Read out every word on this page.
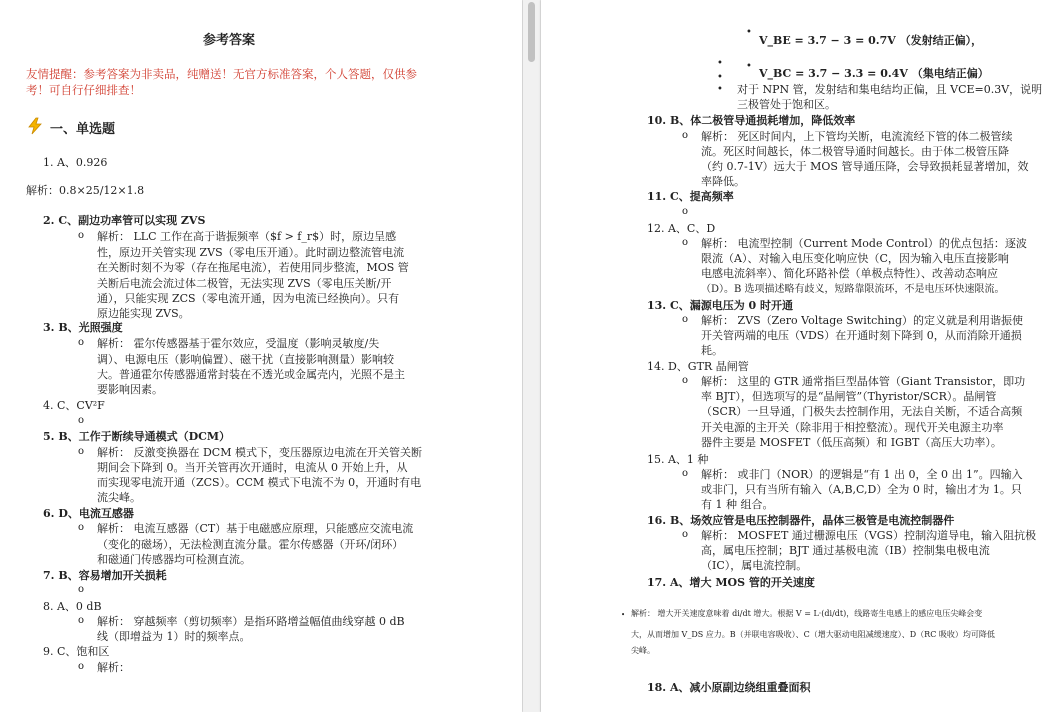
参考答案
友情提醒：参考答案为非卖品，纯赠送！无官方标准答案，个人答题，仅供参
考！可自行仔细排查！
一、单选题
1. A、0.926
解析：0.8×25/12×1.8
2. C、副边功率管可以实现 ZVS
o 解析： LLC 工作在高于谐振频率（$f > f_r$）时，原边呈感
性，原边开关管实现 ZVS（零电压开通）。此时副边整流管电流
在关断时刻不为零（存在拖尾电流），若使用同步整流，MOS 管
关断后电流会流过体二极管，无法实现 ZVS（零电压关断/开
通），只能实现 ZCS（零电流开通，因为电流已经换向）。只有
原边能实现 ZVS。
3. B、光照强度
o 解析： 霍尔传感器基于霍尔效应，受温度（影响灵敏度/失
调）、电源电压（影响偏置）、磁干扰（直接影响测量）影响较
大。普通霍尔传感器通常封装在不透光或金属壳内，光照不是主
要影响因素。
4. C、CV²F
o
5. B、工作于断续导通模式（DCM）
o 解析： 反激变换器在 DCM 模式下，变压器原边电流在开关管关断
期间会下降到 0。当开关管再次开通时，电流从 0 开始上升，从
而实现零电流开通（ZCS）。CCM 模式下电流不为 0，开通时有电
流尖峰。
6. D、电流互感器
o 解析： 电流互感器（CT）基于电磁感应原理，只能感应交流电流
（变化的磁场），无法检测直流分量。霍尔传感器（开环/闭环）
和磁通门传感器均可检测直流。
7. B、容易增加开关损耗
o
8. A、0 dB
o 解析： 穿越频率（剪切频率）是指环路增益幅值曲线穿越 0 dB
线（即增益为 1）时的频率点。
9. C、饱和区
o 解析：
•
V_BE = 3.7 − 3 = 0.7V （发射结正偏），
• •
V_BC = 3.7 − 3.3 = 0.4V （集电结正偏）
•
• 对于 NPN 管，发射结和集电结均正偏，且 VCE=0.3V，说明
三极管处于饱和区。
10. B、体二极管导通损耗增加，降低效率
o 解析： 死区时间内，上下管均关断，电流流经下管的体二极管续
流。死区时间越长，体二极管导通时间越长。由于体二极管压降
（约 0.7-1V）远大于 MOS 管导通压降，会导致损耗显著增加，效
率降低。
11. C、提高频率
o
12. A、C、D
o 解析： 电流型控制（Current Mode Control）的优点包括：逐波
限流（A）、对输入电压变化响应快（C，因为输入电压直接影响
电感电流斜率）、简化环路补偿（单极点特性）、改善动态响应
（D）。B 选项描述略有歧义，短路靠限流环，不是电压环快速限流。
13. C、漏源电压为 0 时开通
o 解析： ZVS（Zero Voltage Switching）的定义就是利用谐振使
开关管两端的电压（VDS）在开通时刻下降到 0，从而消除开通损
耗。
14. D、GTR 晶闸管
o 解析： 这里的 GTR 通常指巨型晶体管（Giant Transistor，即功
率 BJT），但选项写的是“晶闸管”（Thyristor/SCR）。晶闸管
（SCR）一旦导通，门极失去控制作用，无法自关断，不适合高频
开关电源的主开关（除非用于相控整流）。现代开关电源主功率
器件主要是 MOSFET（低压高频）和 IGBT（高压大功率）。
15. A、1 种
o 解析： 或非门（NOR）的逻辑是“有 1 出 0，全 0 出 1”。四输入
或非门，只有当所有输入（A,B,C,D）全为 0 时，输出才为 1。只
有 1 种 组合。
16. B、场效应管是电压控制器件，晶体三极管是电流控制器件
o 解析： MOSFET 通过栅源电压（VGS）控制沟道导电，输入阻抗极
高，属电压控制；BJT 通过基极电流（IB）控制集电极电流
（IC），属电流控制。
17. A、增大 MOS 管的开关速度
• 解析： 增大开关速度意味着 di/dt 增大。根据 V = L·(di/dt)，线路寄生电感上的感应电压尖峰会变
大，从而增加 V_DS 应力。B（并联电容吸收）、C（增大驱动电阻减缓速度）、D（RC 吸收）均可降低
尖峰。
18. A、减小原副边绕组重叠面积
